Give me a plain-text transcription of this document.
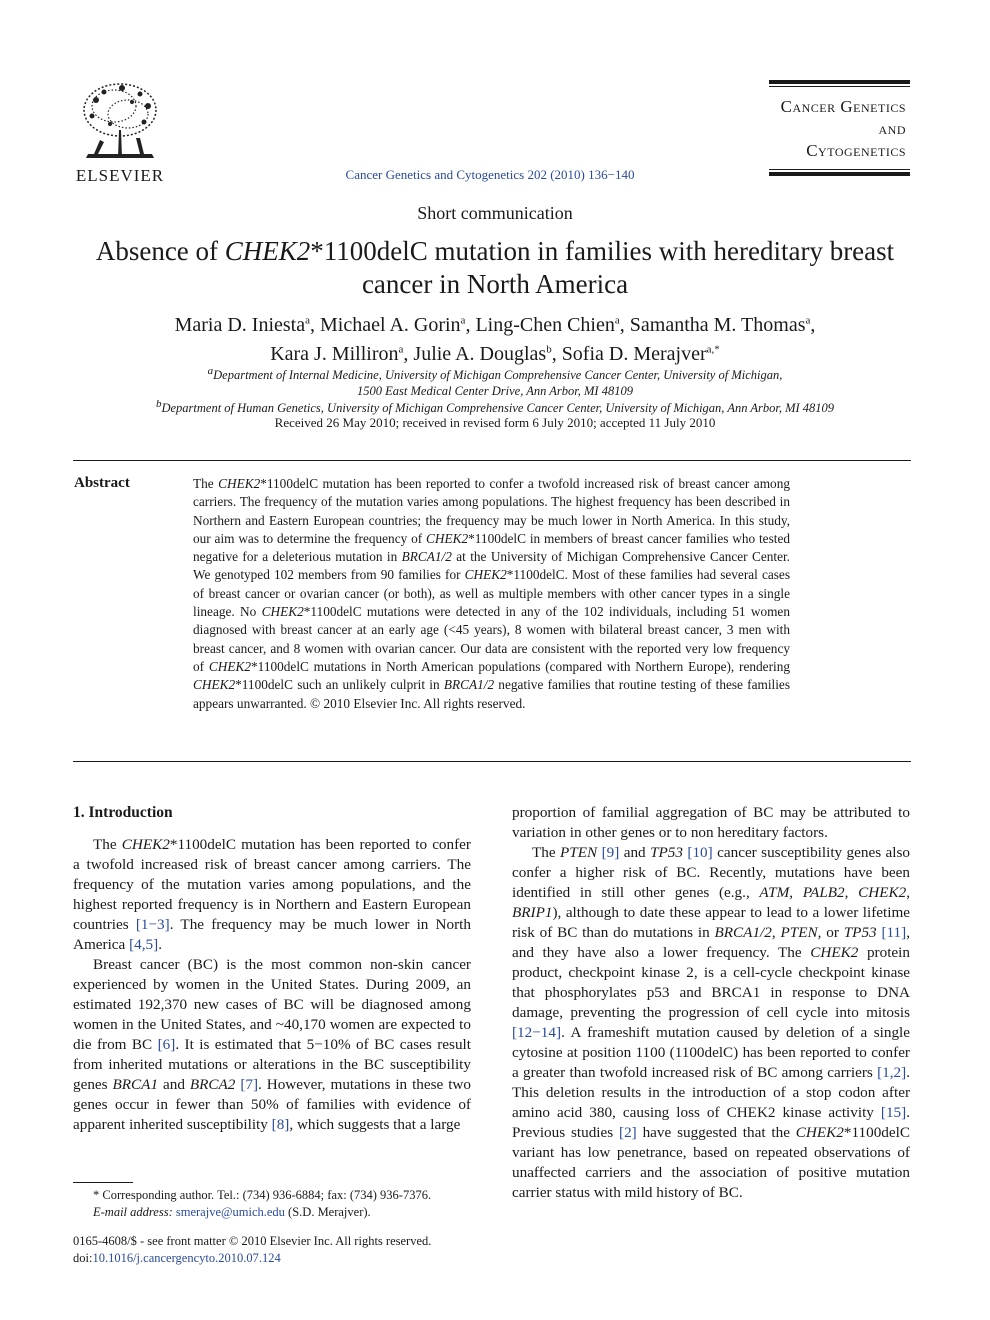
ELSEVIER	Cancer Genetics and Cytogenetics 202 (2010) 136−140
Cancer Genetics
and
Cytogenetics
Short communication
Absence of CHEK2*1100delC mutation in families with hereditary breast cancer in North America
Maria D. Iniesta$^a$, Michael A. Gorin$^a$, Ling-Chen Chien$^a$, Samantha M. Thomas$^a$,
Kara J. Milliron$^a$, Julie A. Douglas$^b$, Sofia D. Merajver$^{a,*}$
$^a$Department of Internal Medicine, University of Michigan Comprehensive Cancer Center, University of Michigan,
1500 East Medical Center Drive, Ann Arbor, MI 48109
$^b$Department of Human Genetics, University of Michigan Comprehensive Cancer Center, University of Michigan, Ann Arbor, MI 48109
Received 26 May 2010; received in revised form 6 July 2010; accepted 11 July 2010
Abstract	The CHEK2*1100delC mutation has been reported to confer a twofold increased risk of breast cancer among carriers. The frequency of the mutation varies among populations. The highest frequency has been described in Northern and Eastern European countries; the frequency may be much lower in North America. In this study, our aim was to determine the frequency of CHEK2*1100delC in members of breast cancer families who tested negative for a deleterious mutation in BRCA1/2 at the University of Michigan Comprehensive Cancer Center. We genotyped 102 members from 90 families for CHEK2*1100delC. Most of these families had several cases of breast cancer or ovarian cancer (or both), as well as multiple members with other cancer types in a single lineage. No CHEK2*1100delC mutations were detected in any of the 102 individuals, including 51 women diagnosed with breast cancer at an early age (<45 years), 8 women with bilateral breast cancer, 3 men with breast cancer, and 8 women with ovarian cancer. Our data are consistent with the reported very low frequency of CHEK2*1100delC mutations in North American populations (compared with Northern Europe), rendering CHEK2*1100delC such an unlikely culprit in BRCA1/2 negative families that routine testing of these families appears unwarranted. © 2010 Elsevier Inc. All rights reserved.
1. Introduction

The CHEK2*1100delC mutation has been reported to confer a twofold increased risk of breast cancer among carriers. The frequency of the mutation varies among populations, and the highest reported frequency is in Northern and Eastern European countries [1−3]. The frequency may be much lower in North America [4,5].

Breast cancer (BC) is the most common non-skin cancer experienced by women in the United States. During 2009, an estimated 192,370 new cases of BC will be diagnosed among women in the United States, and ~40,170 women are expected to die from BC [6]. It is estimated that 5−10% of BC cases result from inherited mutations or alterations in the BC susceptibility genes BRCA1 and BRCA2 [7]. However, mutations in these two genes occur in fewer than 50% of families with evidence of apparent inherited susceptibility [8], which suggests that a large

proportion of familial aggregation of BC may be attributed to variation in other genes or to non hereditary factors.

The PTEN [9] and TP53 [10] cancer susceptibility genes also confer a higher risk of BC. Recently, mutations have been identified in still other genes (e.g., ATM, PALB2, CHEK2, BRIP1), although to date these appear to lead to a lower lifetime risk of BC than do mutations in BRCA1/2, PTEN, or TP53 [11], and they have also a lower frequency. The CHEK2 protein product, checkpoint kinase 2, is a cell-cycle checkpoint kinase that phosphorylates p53 and BRCA1 in response to DNA damage, preventing the progression of cell cycle into mitosis [12−14]. A frameshift mutation caused by deletion of a single cytosine at position 1100 (1100delC) has been reported to confer a greater than twofold increased risk of BC among carriers [1,2]. This deletion results in the introduction of a stop codon after amino acid 380, causing loss of CHEK2 kinase activity [15]. Previous studies [2] have suggested that the CHEK2*1100delC variant has low penetrance, based on repeated observations of unaffected carriers and the association of positive mutation carrier status with mild history of BC.

* Corresponding author. Tel.: (734) 936-6884; fax: (734) 936-7376.
E-mail address: smerajve@umich.edu (S.D. Merajver).
0165-4608/$ - see front matter © 2010 Elsevier Inc. All rights reserved.
doi:10.1016/j.cancergencyto.2010.07.124
